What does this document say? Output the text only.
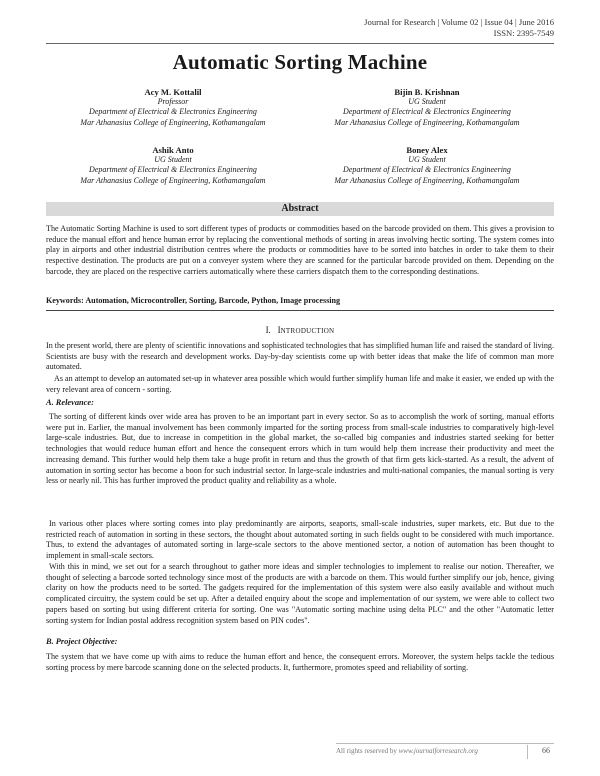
Journal for Research | Volume 02 | Issue 04 | June 2016
ISSN: 2395-7549
Automatic Sorting Machine
Acy M. Kottalil
Professor
Department of Electrical & Electronics Engineering
Mar Athanasius College of Engineering, Kothamangalam
Bijin B. Krishnan
UG Student
Department of Electrical & Electronics Engineering
Mar Athanasius College of Engineering, Kothamangalam
Ashik Anto
UG Student
Department of Electrical & Electronics Engineering
Mar Athanasius College of Engineering, Kothamangalam
Boney Alex
UG Student
Department of Electrical & Electronics Engineering
Mar Athanasius College of Engineering, Kothamangalam
Abstract

The Automatic Sorting Machine is used to sort different types of products or commodities based on the barcode provided on them. This gives a provision to reduce the manual effort and hence human error by replacing the conventional methods of sorting in areas involving hectic sorting. The system comes into play in airports and other industrial distribution centres where the products or commodities have to be sorted into batches in order to take them to their respective destination. The products are put on a conveyer system where they are scanned for the particular barcode provided on them. Depending on the barcode, they are placed on the respective carriers automatically where these carriers dispatch them to the corresponding destinations.

Keywords: Automation, Microcontroller, Sorting, Barcode, Python, Image processing

I. INTRODUCTION

In the present world, there are plenty of scientific innovations and sophisticated technologies that has simplified human life and raised the standard of living. Scientists are busy with the research and development works. Day-by-day scientists come up with better ideas that make the life of common man more automated.

As an attempt to develop an automated set-up in whatever area possible which would further simplify human life and make it easier, we ended up with the very relevant area of concern - sorting.

A. Relevance:

The sorting of different kinds over wide area has proven to be an important part in every sector. So as to accomplish the work of sorting, manual efforts were put in. Earlier, the manual involvement has been commonly imparted for the sorting process from small-scale industries to comparatively high-level large-scale industries. But, due to increase in competition in the global market, the so-called big companies and industries started seeking for better technologies that would reduce human effort and hence the consequent errors which in turn would help them increase their productivity and meet the increasing demand. This further would help them take a huge profit in return and thus the growth of that firm gets kick-started. As a result, the advent of automation in sorting sector has become a boon for such industrial sector. In large-scale industries and multi-national companies, the manual sorting is very less or nearly nil. This has further improved the product quality and reliability as a whole.

In various other places where sorting comes into play predominantly are airports, seaports, small-scale industries, super markets, etc. But due to the restricted reach of automation in sorting in these sectors, the thought about automated sorting in such fields ought to be considered with much importance. Thus, to extend the advantages of automated sorting in large-scale sectors to the above mentioned sector, a notion of automation has been thought to implement in small-scale sectors.

With this in mind, we set out for a search throughout to gather more ideas and simpler technologies to implement to realise our notion. Thereafter, we thought of selecting a barcode sorted technology since most of the products are with a barcode on them. This would further simplify our job, hence, giving clarity on how the products need to be sorted. The gadgets required for the implementation of this system were also easily available and without much complicated circuitry, the system could be set up. After a detailed enquiry about the scope and implementation of our system, we were able to collect two papers based on sorting but using different criteria for sorting. One was "Automatic sorting machine using delta PLC" and the other "Automatic letter sorting system for Indian postal address recognition system based on PIN codes".

B. Project Objective:

The system that we have come up with aims to reduce the human effort and hence, the consequent errors. Moreover, the system helps tackle the tedious sorting process by mere barcode scanning done on the selected products. It, furthermore, promotes speed and reliability of sorting.

All rights reserved by www.journalforresearch.org	66
